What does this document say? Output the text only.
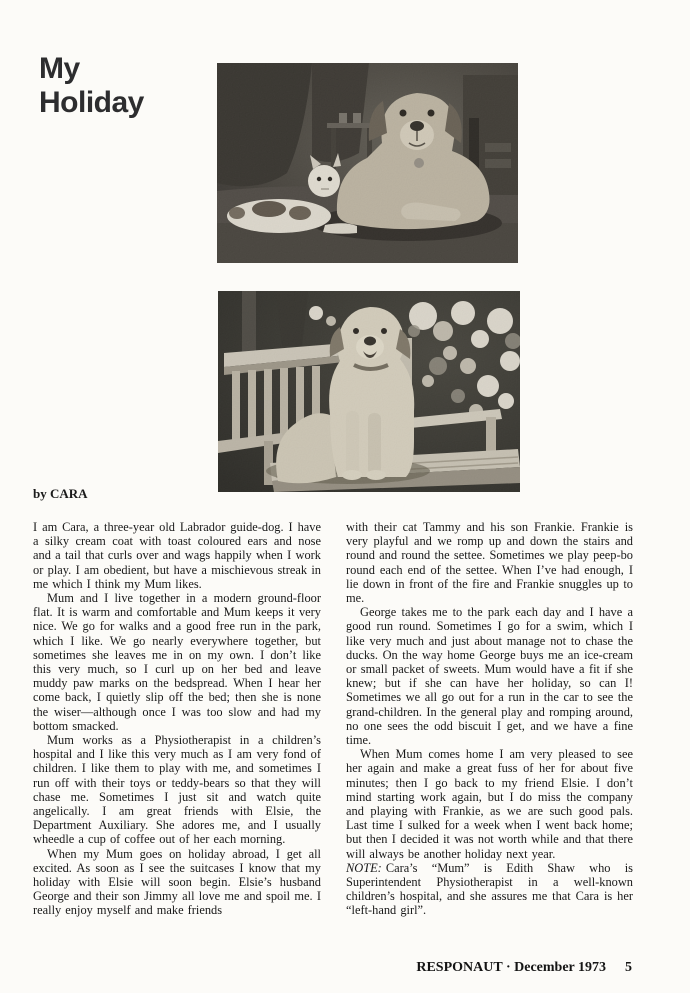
My
Holiday
by CARA

I am Cara, a three-year old Labrador guide-dog. I have a silky cream coat with toast coloured ears and nose and a tail that curls over and wags happily when I work or play. I am obedient, but have a mischievous streak in me which I think my Mum likes.

Mum and I live together in a modern ground-floor flat. It is warm and comfortable and Mum keeps it very nice. We go for walks and a good free run in the park, which I like. We go nearly everywhere together, but sometimes she leaves me in on my own. I don’t like this very much, so I curl up on her bed and leave muddy paw marks on the bedspread. When I hear her come back, I quietly slip off the bed; then she is none the wiser—although once I was too slow and had my bottom smacked.

Mum works as a Physiotherapist in a children’s hospital and I like this very much as I am very fond of children. I like them to play with me, and sometimes I run off with their toys or teddy-bears so that they will chase me. Sometimes I just sit and watch quite angelically. I am great friends with Elsie, the Department Auxiliary. She adores me, and I usually wheedle a cup of coffee out of her each morning.

When my Mum goes on holiday abroad, I get all excited. As soon as I see the suitcases I know that my holiday with Elsie will soon begin. Elsie’s husband George and their son Jimmy all love me and spoil me. I really enjoy myself and make friends

with their cat Tammy and his son Frankie. Frankie is very playful and we romp up and down the stairs and round and round the settee. Sometimes we play peep-bo round each end of the settee. When I’ve had enough, I lie down in front of the fire and Frankie snuggles up to me.

George takes me to the park each day and I have a good run round. Sometimes I go for a swim, which I like very much and just about manage not to chase the ducks. On the way home George buys me an ice-cream or small packet of sweets. Mum would have a fit if she knew; but if she can have her holiday, so can I! Sometimes we all go out for a run in the car to see the grand-children. In the general play and romping around, no one sees the odd biscuit I get, and we have a fine time.

When Mum comes home I am very pleased to see her again and make a great fuss of her for about five minutes; then I go back to my friend Elsie. I don’t mind starting work again, but I do miss the company and playing with Frankie, as we are such good pals. Last time I sulked for a week when I went back home; but then I decided it was not worth while and that there will always be another holiday next year.

NOTE: Cara’s “Mum” is Edith Shaw who is Superintendent Physiotherapist in a well-known children’s hospital, and she assures me that Cara is her “left-hand girl”.

RESPONAUT · December 1973 5
